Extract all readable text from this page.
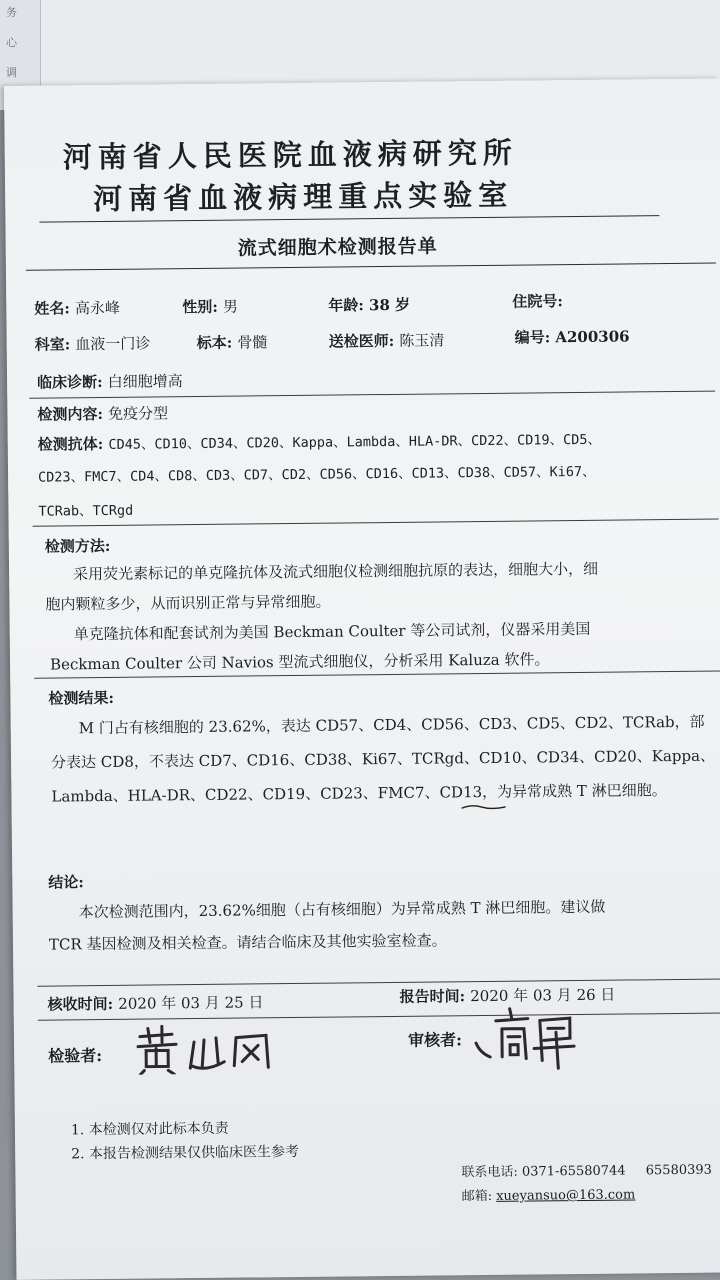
务
心
调
河南省人民医院血液病研究所
河南省血液病理重点实验室
流式细胞术检测报告单
姓名: 高永峰	性别: 男	年龄: 38 岁	住院号:
科室: 血液一门诊	标本: 骨髓	送检医师: 陈玉清	编号: A200306
临床诊断: 白细胞增高
检测内容: 免疫分型
检测抗体: CD45、CD10、CD34、CD20、Kappa、Lambda、HLA-DR、CD22、CD19、CD5、
CD23、FMC7、CD4、CD8、CD3、CD7、CD2、CD56、CD16、CD13、CD38、CD57、Ki67、
TCRab、TCRgd
检测方法:
采用荧光素标记的单克隆抗体及流式细胞仪检测细胞抗原的表达，细胞大小，细
胞内颗粒多少，从而识别正常与异常细胞。
单克隆抗体和配套试剂为美国 Beckman Coulter 等公司试剂，仪器采用美国
Beckman Coulter 公司 Navios 型流式细胞仪，分析采用 Kaluza 软件。
检测结果:
M 门占有核细胞的 23.62%，表达 CD57、CD4、CD56、CD3、CD5、CD2、TCRab，部
分表达 CD8，不表达 CD7、CD16、CD38、Ki67、TCRgd、CD10、CD34、CD20、Kappa、
Lambda、HLA-DR、CD22、CD19、CD23、FMC7、CD13，为异常成熟 T 淋巴细胞。
结论:
本次检测范围内，23.62%细胞（占有核细胞）为异常成熟 T 淋巴细胞。建议做
TCR 基因检测及相关检查。请结合临床及其他实验室检查。
核收时间: 2020 年 03 月 25 日	报告时间: 2020 年 03 月 26 日
检验者:
审核者:
1. 本检测仅对此标本负责
2. 本报告检测结果仅供临床医生参考
联系电话: 0371-65580744 65580393
邮箱: xueyansuo@163.com
